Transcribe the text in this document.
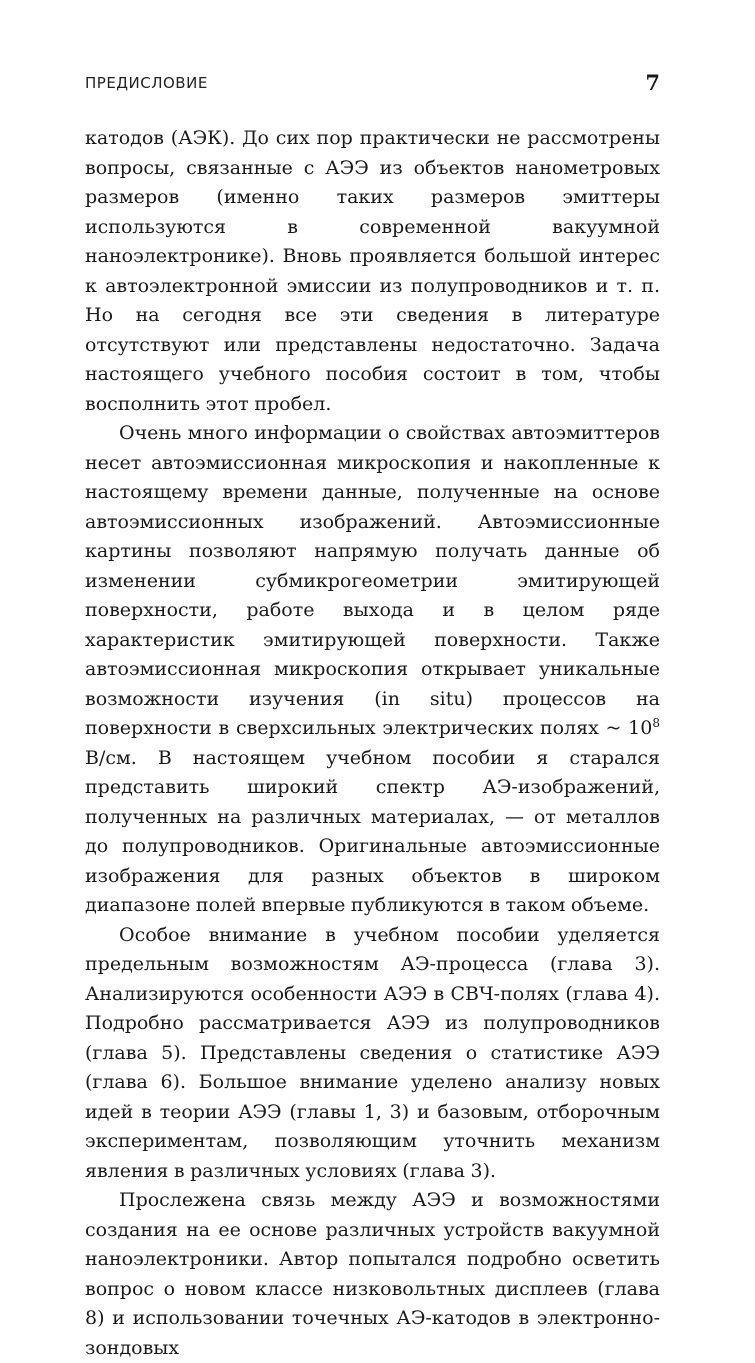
ПРЕДИСЛОВИЕ	7

катодов (АЭК). До сих пор практически не рассмотрены вопросы, связанные с АЭЭ из объектов нанометровых размеров (именно таких размеров эмиттеры используются в современной вакуумной наноэлектронике). Вновь проявляется большой интерес к автоэлектронной эмиссии из полупроводников и т. п. Но на сегодня все эти сведения в литературе отсутствуют или представлены недостаточно. Задача настоящего учебного пособия состоит в том, чтобы восполнить этот пробел.

Очень много информации о свойствах автоэмиттеров несет автоэмиссионная микроскопия и накопленные к настоящему времени данные, полученные на основе автоэмиссионных изображений. Автоэмиссионные картины позволяют напрямую получать данные об изменении субмикрогеометрии эмитирующей поверхности, работе выхода и в целом ряде характеристик эмитирующей поверхности. Также автоэмиссионная микроскопия открывает уникальные возможности изучения (in situ) процессов на поверхности в сверхсильных электрических полях ~ $10^8$ В/см. В настоящем учебном пособии я старался представить широкий спектр АЭ-изображений, полученных на различных материалах, — от металлов до полупроводников. Оригинальные автоэмиссионные изображения для разных объектов в широком диапазоне полей впервые публикуются в таком объеме.

Особое внимание в учебном пособии уделяется предельным возможностям АЭ-процесса (глава 3). Анализируются особенности АЭЭ в СВЧ-полях (глава 4). Подробно рассматривается АЭЭ из полупроводников (глава 5). Представлены сведения о статистике АЭЭ (глава 6). Большое внимание уделено анализу новых идей в теории АЭЭ (главы 1, 3) и базовым, отборочным экспериментам, позволяющим уточнить механизм явления в различных условиях (глава 3).

Прослежена связь между АЭЭ и возможностями создания на ее основе различных устройств вакуумной наноэлектроники. Автор попытался подробно осветить вопрос о новом классе низковольтных дисплеев (глава 8) и использовании точечных АЭ-катодов в электронно-зондовых
